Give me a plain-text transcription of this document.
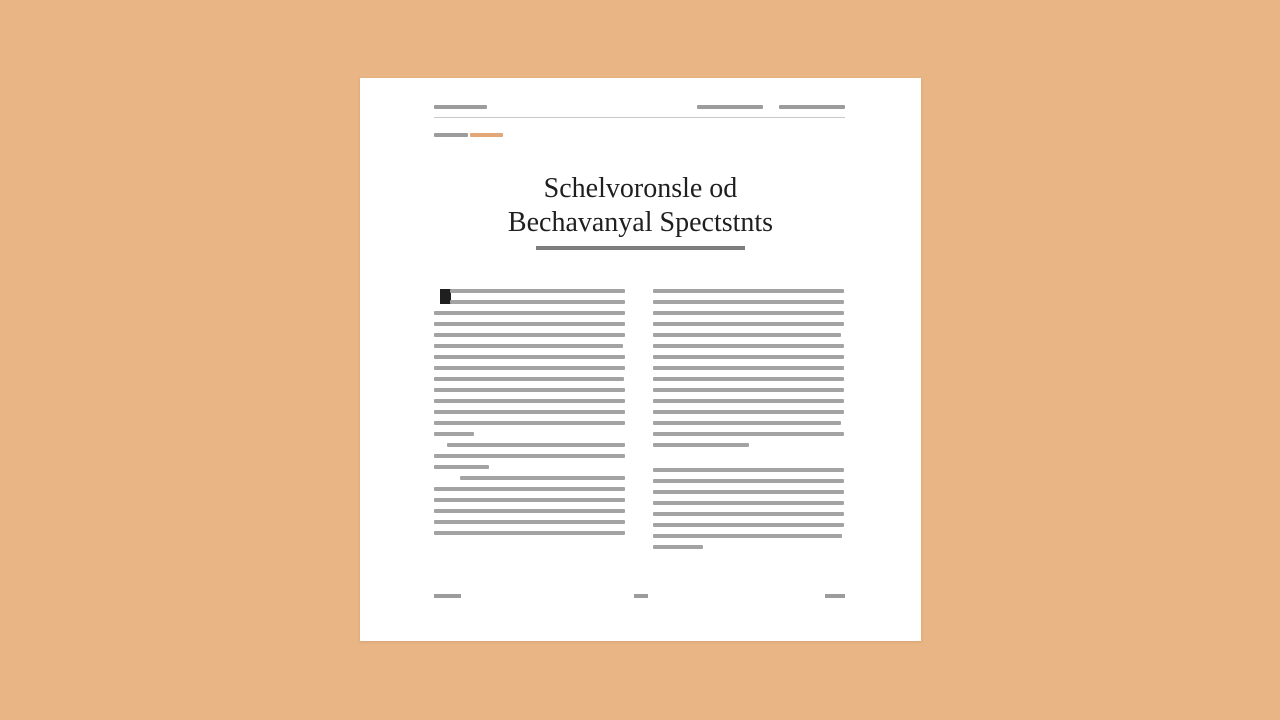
Schelvoronsle od
Bechavanyal Spectstnts
